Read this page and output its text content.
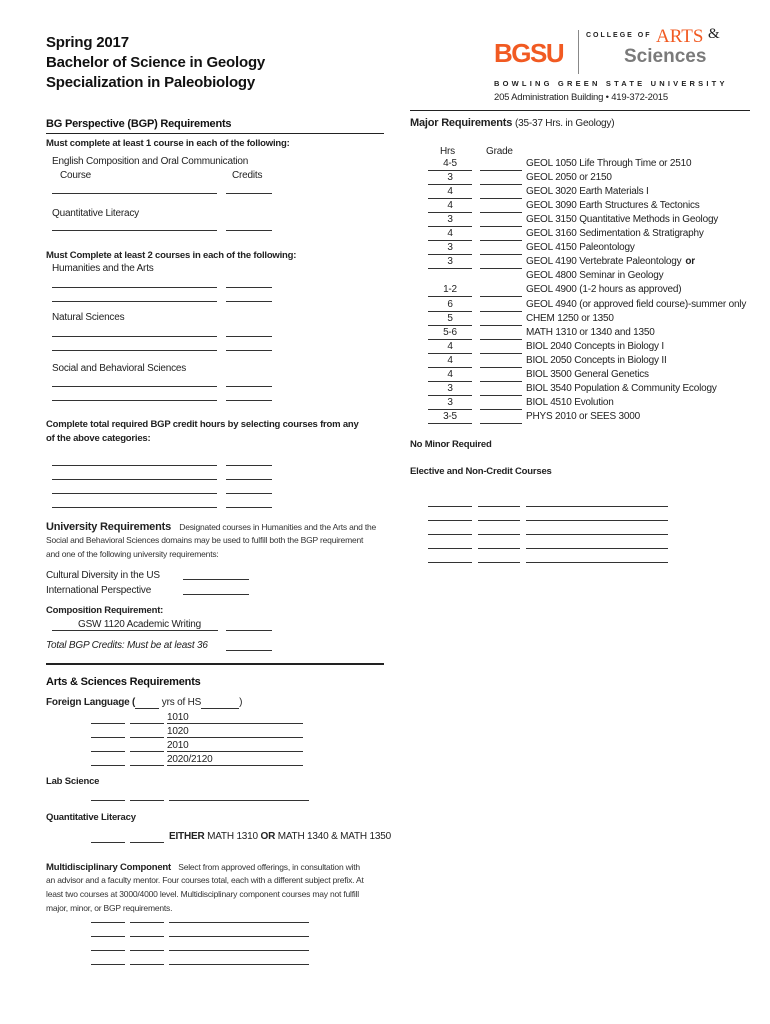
Spring 2017
Bachelor of Science in Geology
Specialization in Paleobiology
BGSU
COLLEGE OF ARTS &
Sciences
BOWLING GREEN STATE UNIVERSITY
205 Administration Building • 419-372-2015
BG Perspective (BGP) Requirements
Must complete at least 1 course in each of the following:
English Composition and Oral Communication
Course	Credits
Quantitative Literacy
Must Complete at least 2 courses in each of the following:
Humanities and the Arts
Natural Sciences
Social and Behavioral Sciences
Complete total required BGP credit hours by selecting courses from any
of the above categories:
University Requirements Designated courses in Humanities and the Arts and the
Social and Behavioral Sciences domains may be used to fulfill both the BGP requirement
and one of the following university requirements:
Cultural Diversity in the US
International Perspective
Composition Requirement:
GSW 1120 Academic Writing
Total BGP Credits: Must be at least 36
Arts & Sciences Requirements
Foreign Language (	yrs of HS	)
1010
1020
2010
2020/2120
Lab Science
Quantitative Literacy
EITHER MATH 1310 OR MATH 1340 & MATH 1350
Multidisciplinary Component Select from approved offerings, in consultation with
an advisor and a faculty mentor. Four courses total, each with a different subject prefix. At
least two courses at 3000/4000 level. Multidisciplinary component courses may not fulfill
major, minor, or BGP requirements.
Major Requirements (35-37 Hrs. in Geology)
Hrs	Grade
4-5	GEOL 1050 Life Through Time or 2510
3	GEOL 2050 or 2150
4	GEOL 3020 Earth Materials I
4	GEOL 3090 Earth Structures & Tectonics
3	GEOL 3150 Quantitative Methods in Geology
4	GEOL 3160 Sedimentation & Stratigraphy
3	GEOL 4150 Paleontology
3	GEOL 4190 Vertebrate Paleontology or
GEOL 4800 Seminar in Geology
1-2	GEOL 4900 (1-2 hours as approved)
6	GEOL 4940 (or approved field course)-summer only
5	CHEM 1250 or 1350
5-6	MATH 1310 or 1340 and 1350
4	BIOL 2040 Concepts in Biology I
4	BIOL 2050 Concepts in Biology II
4	BIOL 3500 General Genetics
3	BIOL 3540 Population & Community Ecology
3	BIOL 4510 Evolution
3-5	PHYS 2010 or SEES 3000
No Minor Required
Elective and Non-Credit Courses
